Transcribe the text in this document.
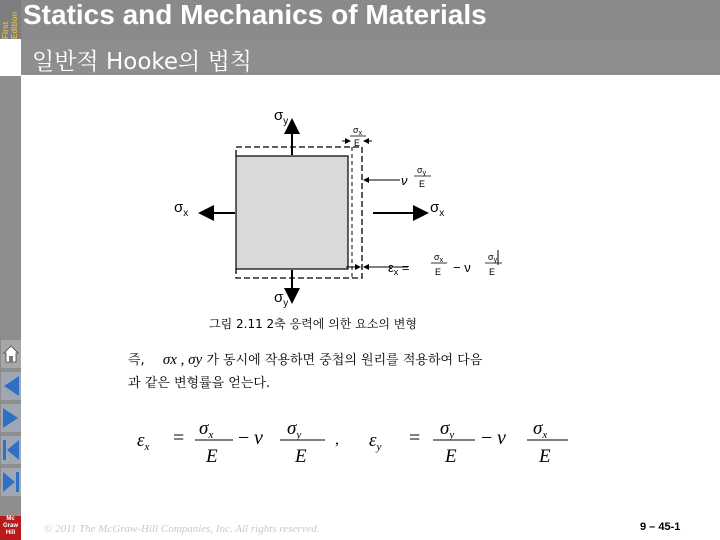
First Edition Statics and Mechanics of Materials
일반적 Hooke의 법칙
Mc Graw Hill
$\sigma_y$
$\sigma_y$
$\sigma_x$	$\sigma_x$
$\sigma_x$
E
ν
$\sigma_y$
E
$\varepsilon_x$ =
$\sigma_x$
E − ν
$\sigma_y$
E
그림 2.11 2축 응력에 의한 요소의 변형
즉, σx , σy 가 동시에 작용하면 중첩의 원리를 적용하여 다음
과 같은 변형률을 얻는다.
$\varepsilon_x = \sigma_x$
E
− ν $\sigma_y$
E
, $\varepsilon_y = \sigma_y$
E
− ν $\sigma_x$
E
© 2011 The McGraw-Hill Companies, Inc. All rights reserved.	9 – 45-1
